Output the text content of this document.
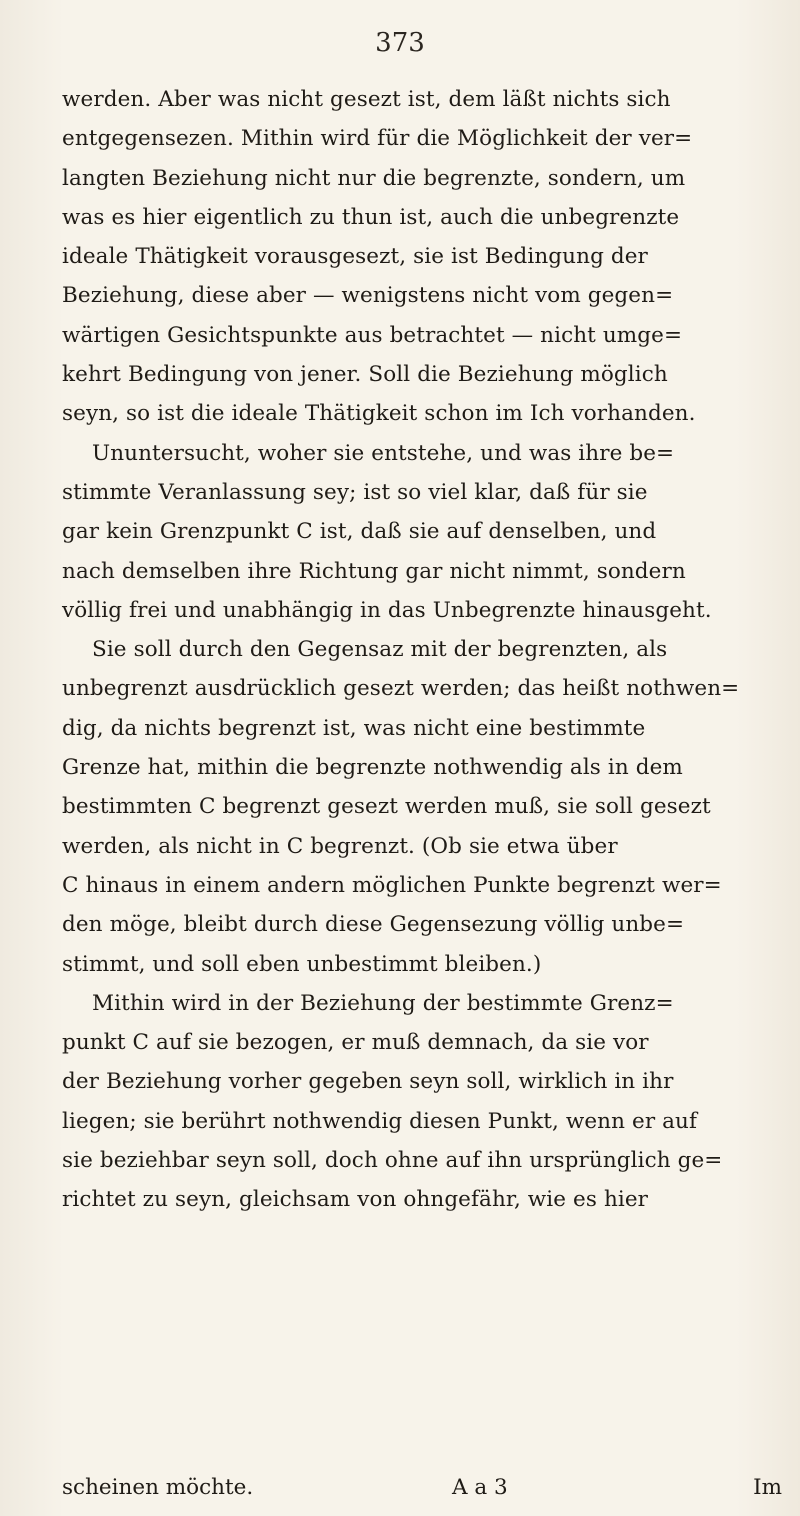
373
werden. Aber was nicht gesezt ist, dem läßt nichts sich
entgegensezen. Mithin wird für die Möglichkeit der ver=
langten Beziehung nicht nur die begrenzte, sondern, um
was es hier eigentlich zu thun ist, auch die unbegrenzte
ideale Thätigkeit vorausgesezt, sie ist Bedingung der
Beziehung, diese aber — wenigstens nicht vom gegen=
wärtigen Gesichtspunkte aus betrachtet — nicht umge=
kehrt Bedingung von jener. Soll die Beziehung möglich
seyn, so ist die ideale Thätigkeit schon im Ich vorhanden.
Ununtersucht, woher sie entstehe, und was ihre be=
stimmte Veranlassung sey; ist so viel klar, daß für sie
gar kein Grenzpunkt C ist, daß sie auf denselben, und
nach demselben ihre Richtung gar nicht nimmt, sondern
völlig frei und unabhängig in das Unbegrenzte hinausgeht.
Sie soll durch den Gegensaz mit der begrenzten, als
unbegrenzt ausdrücklich gesezt werden; das heißt nothwen=
dig, da nichts begrenzt ist, was nicht eine bestimmte
Grenze hat, mithin die begrenzte nothwendig als in dem
bestimmten C begrenzt gesezt werden muß, sie soll gesezt
werden, als nicht in C begrenzt. (Ob sie etwa über
C hinaus in einem andern möglichen Punkte begrenzt wer=
den möge, bleibt durch diese Gegensezung völlig unbe=
stimmt, und soll eben unbestimmt bleiben.)
Mithin wird in der Beziehung der bestimmte Grenz=
punkt C auf sie bezogen, er muß demnach, da sie vor
der Beziehung vorher gegeben seyn soll, wirklich in ihr
liegen; sie berührt nothwendig diesen Punkt, wenn er auf
sie beziehbar seyn soll, doch ohne auf ihn ursprünglich ge=
richtet zu seyn, gleichsam von ohngefähr, wie es hier
scheinen möchte.	A a 3	Im
